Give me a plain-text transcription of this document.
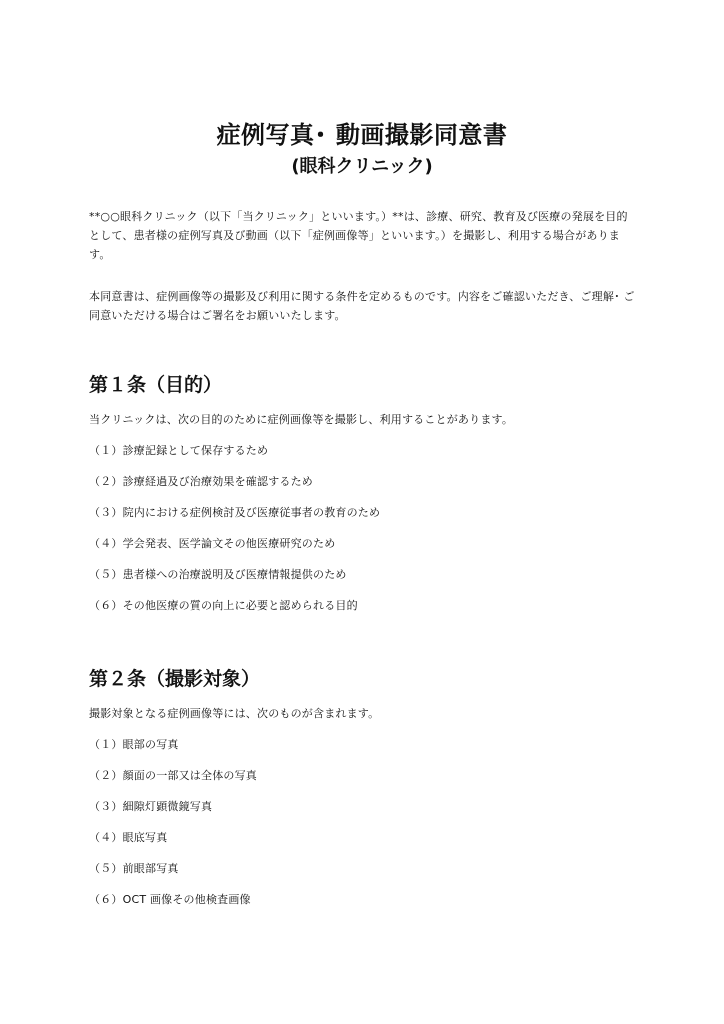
症例写真･ 動画撮影同意書
(眼科クリニック)

**○○眼科クリニック（以下「当クリニック」といいます。）**は、診療、研究、教育及び医療の発展を目的として、患者様の症例写真及び動画（以下「症例画像等」といいます。）を撮影し、利用する場合があります。

本同意書は、症例画像等の撮影及び利用に関する条件を定めるものです。内容をご確認いただき、ご理解･ ご同意いただける場合はご署名をお願いいたします。

第１条（目的）

当クリニックは、次の目的のために症例画像等を撮影し、利用することがあります。

（１）診療記録として保存するため

（２）診療経過及び治療効果を確認するため

（３）院内における症例検討及び医療従事者の教育のため

（４）学会発表、医学論文その他医療研究のため

（５）患者様への治療説明及び医療情報提供のため

（６）その他医療の質の向上に必要と認められる目的

第２条（撮影対象）

撮影対象となる症例画像等には、次のものが含まれます。

（１）眼部の写真

（２）顔面の一部又は全体の写真

（３）細隙灯顕微鏡写真

（４）眼底写真

（５）前眼部写真

（６）OCT 画像その他検査画像
